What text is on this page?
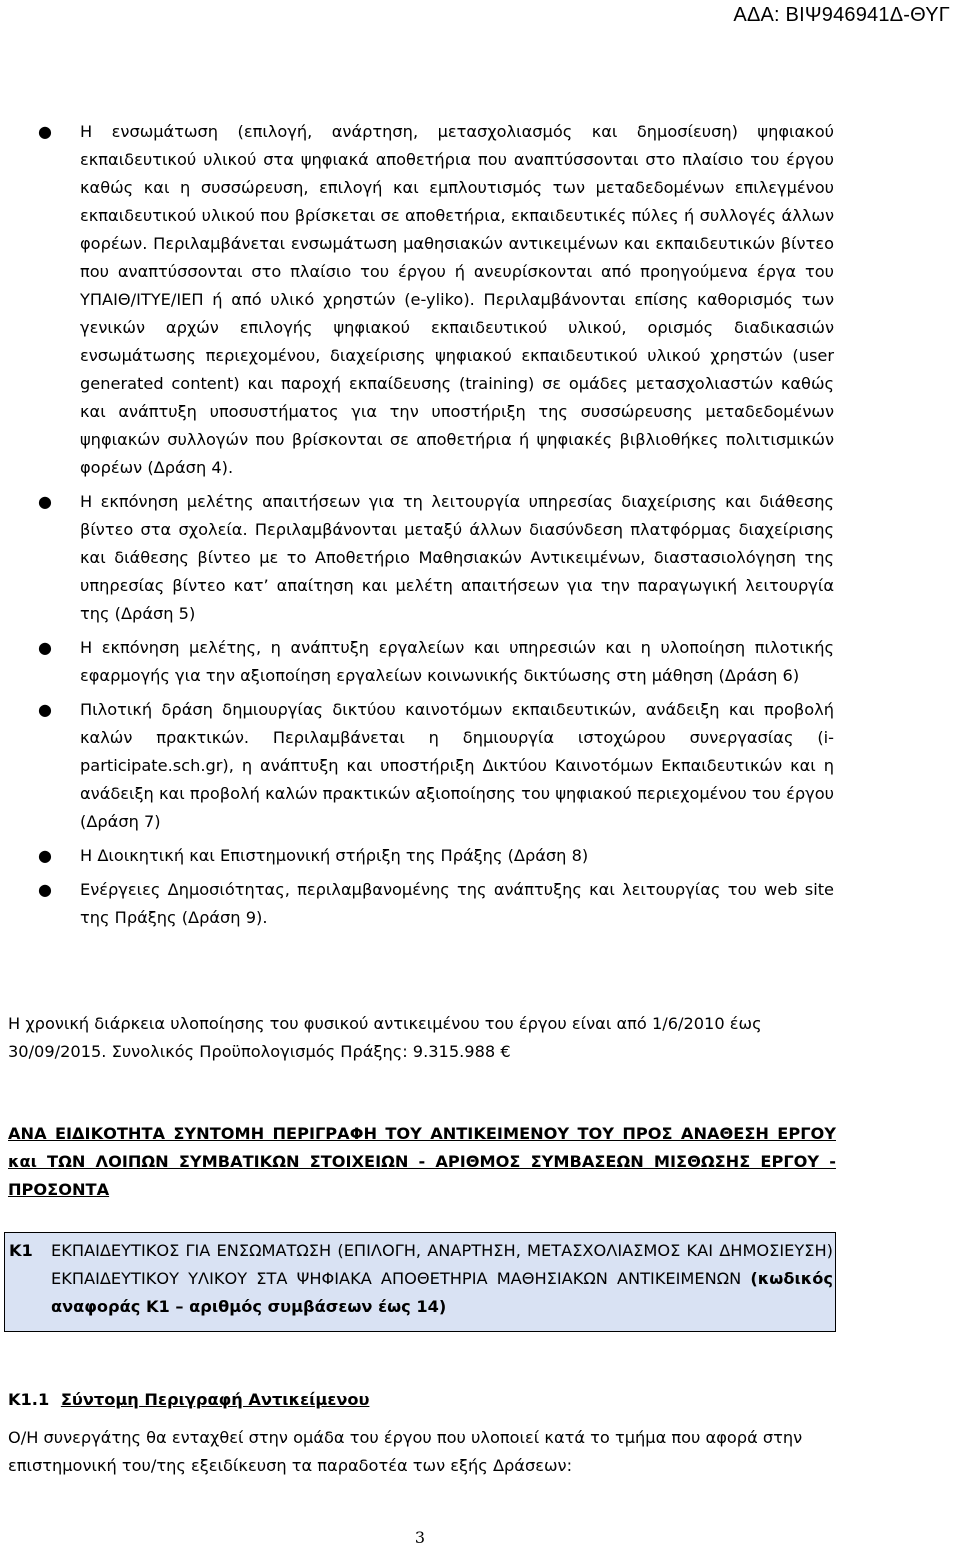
ΑΔΑ: ΒΙΨ946941Δ-ΘΥΓ
● Η ενσωμάτωση (επιλογή, ανάρτηση, μετασχολιασμός και δημοσίευση) ψηφιακού εκπαιδευτικού υλικού στα ψηφιακά αποθετήρια που αναπτύσσονται στο πλαίσιο του έργου καθώς και η συσσώρευση, επιλογή και εμπλουτισμός των μεταδεδομένων επιλεγμένου εκπαιδευτικού υλικού που βρίσκεται σε αποθετήρια, εκπαιδευτικές πύλες ή συλλογές άλλων φορέων. Περιλαμβάνεται ενσωμάτωση μαθησιακών αντικειμένων και εκπαιδευτικών βίντεο που αναπτύσσονται στο πλαίσιο του έργου ή ανευρίσκονται από προηγούμενα έργα του ΥΠΑΙΘ/ΙΤΥΕ/ΙΕΠ ή από υλικό χρηστών (e-yliko). Περιλαμβάνονται επίσης καθορισμός των γενικών αρχών επιλογής ψηφιακού εκπαιδευτικού υλικού, ορισμός διαδικασιών ενσωμάτωσης περιεχομένου, διαχείρισης ψηφιακού εκπαιδευτικού υλικού χρηστών (user generated content) και παροχή εκπαίδευσης (training) σε ομάδες μετασχολιαστών καθώς και ανάπτυξη υποσυστήματος για την υποστήριξη της συσσώρευσης μεταδεδομένων ψηφιακών συλλογών που βρίσκονται σε αποθετήρια ή ψηφιακές βιβλιοθήκες πολιτισμικών φορέων (Δράση 4).
● Η εκπόνηση μελέτης απαιτήσεων για τη λειτουργία υπηρεσίας διαχείρισης και διάθεσης βίντεο στα σχολεία. Περιλαμβάνονται μεταξύ άλλων διασύνδεση πλατφόρμας διαχείρισης και διάθεσης βίντεο με το Αποθετήριο Μαθησιακών Αντικειμένων, διαστασιολόγηση της υπηρεσίας βίντεο κατ’ απαίτηση και μελέτη απαιτήσεων για την παραγωγική λειτουργία της (Δράση 5)
● Η εκπόνηση μελέτης, η ανάπτυξη εργαλείων και υπηρεσιών και η υλοποίηση πιλοτικής εφαρμογής για την αξιοποίηση εργαλείων κοινωνικής δικτύωσης στη μάθηση (Δράση 6)
● Πιλοτική δράση δημιουργίας δικτύου καινοτόμων εκπαιδευτικών, ανάδειξη και προβολή καλών πρακτικών. Περιλαμβάνεται η δημιουργία ιστοχώρου συνεργασίας (i-participate.sch.gr), η ανάπτυξη και υποστήριξη Δικτύου Καινοτόμων Εκπαιδευτικών και η ανάδειξη και προβολή καλών πρακτικών αξιοποίησης του ψηφιακού περιεχομένου του έργου (Δράση 7)
● Η Διοικητική και Επιστημονική στήριξη της Πράξης (Δράση 8)
● Ενέργειες Δημοσιότητας, περιλαμβανομένης της ανάπτυξης και λειτουργίας του web site της Πράξης (Δράση 9).
Η χρονική διάρκεια υλοποίησης του φυσικού αντικειμένου του έργου είναι από 1/6/2010 έως 30/09/2015. Συνολικός Προϋπολογισμός Πράξης: 9.315.988 €
ΑΝΑ ΕΙΔΙΚΟΤΗΤΑ ΣΥΝΤΟΜΗ ΠΕΡΙΓΡΑΦΗ ΤΟΥ ΑΝΤΙΚΕΙΜΕΝΟΥ ΤΟΥ ΠΡΟΣ ΑΝΑΘΕΣΗ ΕΡΓΟΥ και ΤΩΝ ΛΟΙΠΩΝ ΣΥΜΒΑΤΙΚΩΝ ΣΤΟΙΧΕΙΩΝ - ΑΡΙΘΜΟΣ ΣΥΜΒΑΣΕΩΝ ΜΙΣΘΩΣΗΣ ΕΡΓΟΥ - ΠΡΟΣΟΝΤΑ
Κ1 ΕΚΠΑΙΔΕΥΤΙΚΟΣ ΓΙΑ ΕΝΣΩΜΑΤΩΣΗ (ΕΠΙΛΟΓΗ, ΑΝΑΡΤΗΣΗ, ΜΕΤΑΣΧΟΛΙΑΣΜΟΣ ΚΑΙ ΔΗΜΟΣΙΕΥΣΗ) ΕΚΠΑΙΔΕΥΤΙΚΟΥ ΥΛΙΚΟΥ ΣΤΑ ΨΗΦΙΑΚΑ ΑΠΟΘΕΤΗΡΙΑ ΜΑΘΗΣΙΑΚΩΝ ΑΝΤΙΚΕΙΜΕΝΩΝ (κωδικός αναφοράς Κ1 – αριθμός συμβάσεων έως 14)
Κ1.1 Σύντομη Περιγραφή Αντικείμενου
Ο/Η συνεργάτης θα ενταχθεί στην ομάδα του έργου που υλοποιεί κατά το τμήμα που αφορά στην επιστημονική του/της εξειδίκευση τα παραδοτέα των εξής Δράσεων:
3
